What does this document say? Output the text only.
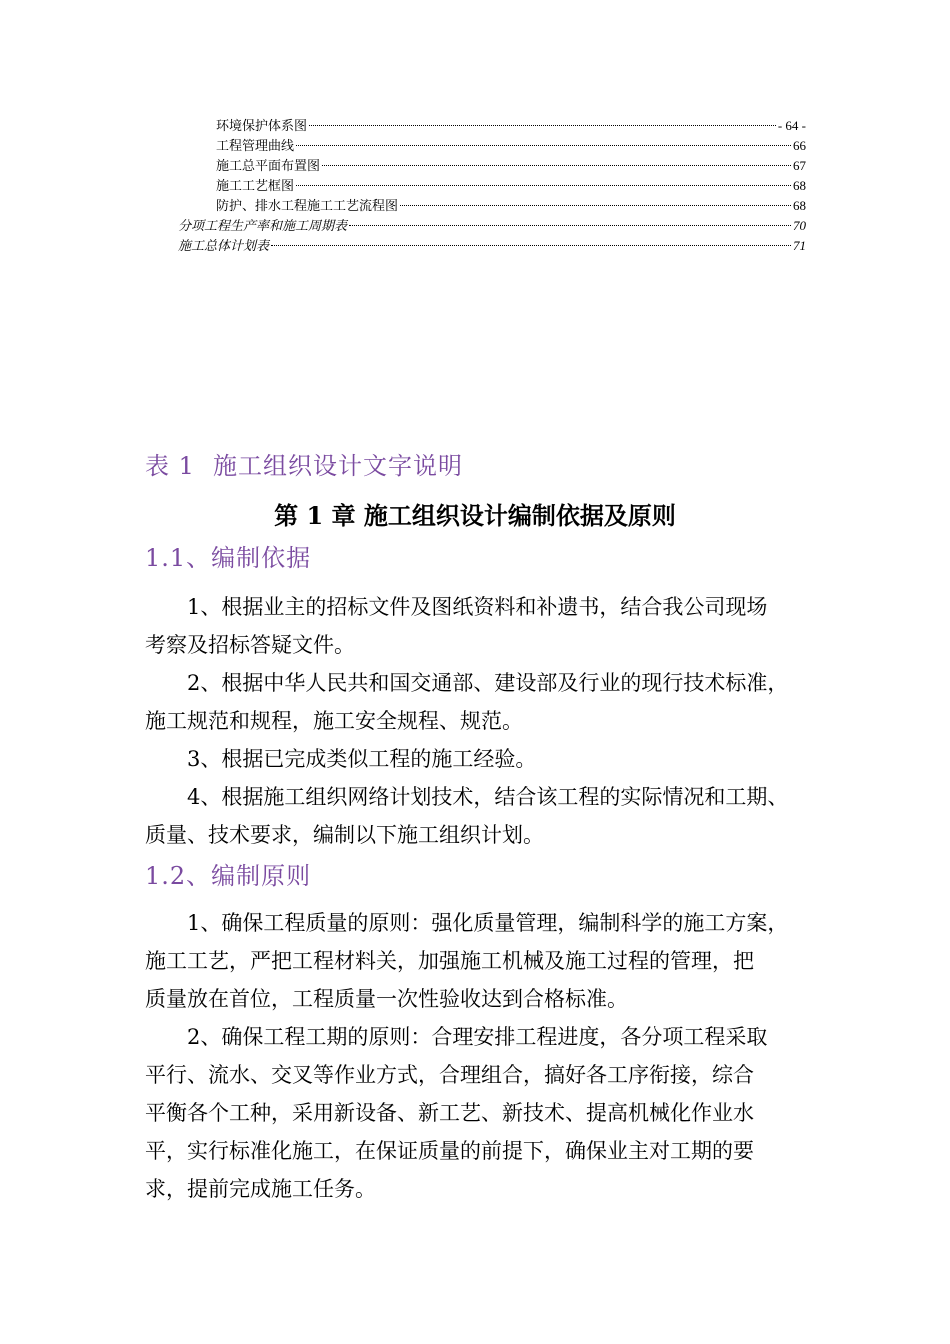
环境保护体系图	- 64 -
工程管理曲线	66
施工总平面布置图	67
施工工艺框图	68
防护、排水工程施工工艺流程图	68
分项工程生产率和施工周期表	70
施工总体计划表	71
表 1 施工组织设计文字说明
第 1 章 施工组织设计编制依据及原则
1.1、编制依据
1、根据业主的招标文件及图纸资料和补遗书，结合我公司现场
考察及招标答疑文件。
2、根据中华人民共和国交通部、建设部及行业的现行技术标准，
施工规范和规程，施工安全规程、规范。
3、根据已完成类似工程的施工经验。
4、根据施工组织网络计划技术，结合该工程的实际情况和工期、
质量、技术要求，编制以下施工组织计划。
1.2、编制原则
1、确保工程质量的原则：强化质量管理，编制科学的施工方案，
施工工艺，严把工程材料关，加强施工机械及施工过程的管理，把
质量放在首位，工程质量一次性验收达到合格标准。
2、确保工程工期的原则：合理安排工程进度，各分项工程采取
平行、流水、交叉等作业方式，合理组合，搞好各工序衔接，综合
平衡各个工种，采用新设备、新工艺、新技术、提高机械化作业水
平，实行标准化施工，在保证质量的前提下，确保业主对工期的要
求，提前完成施工任务。
